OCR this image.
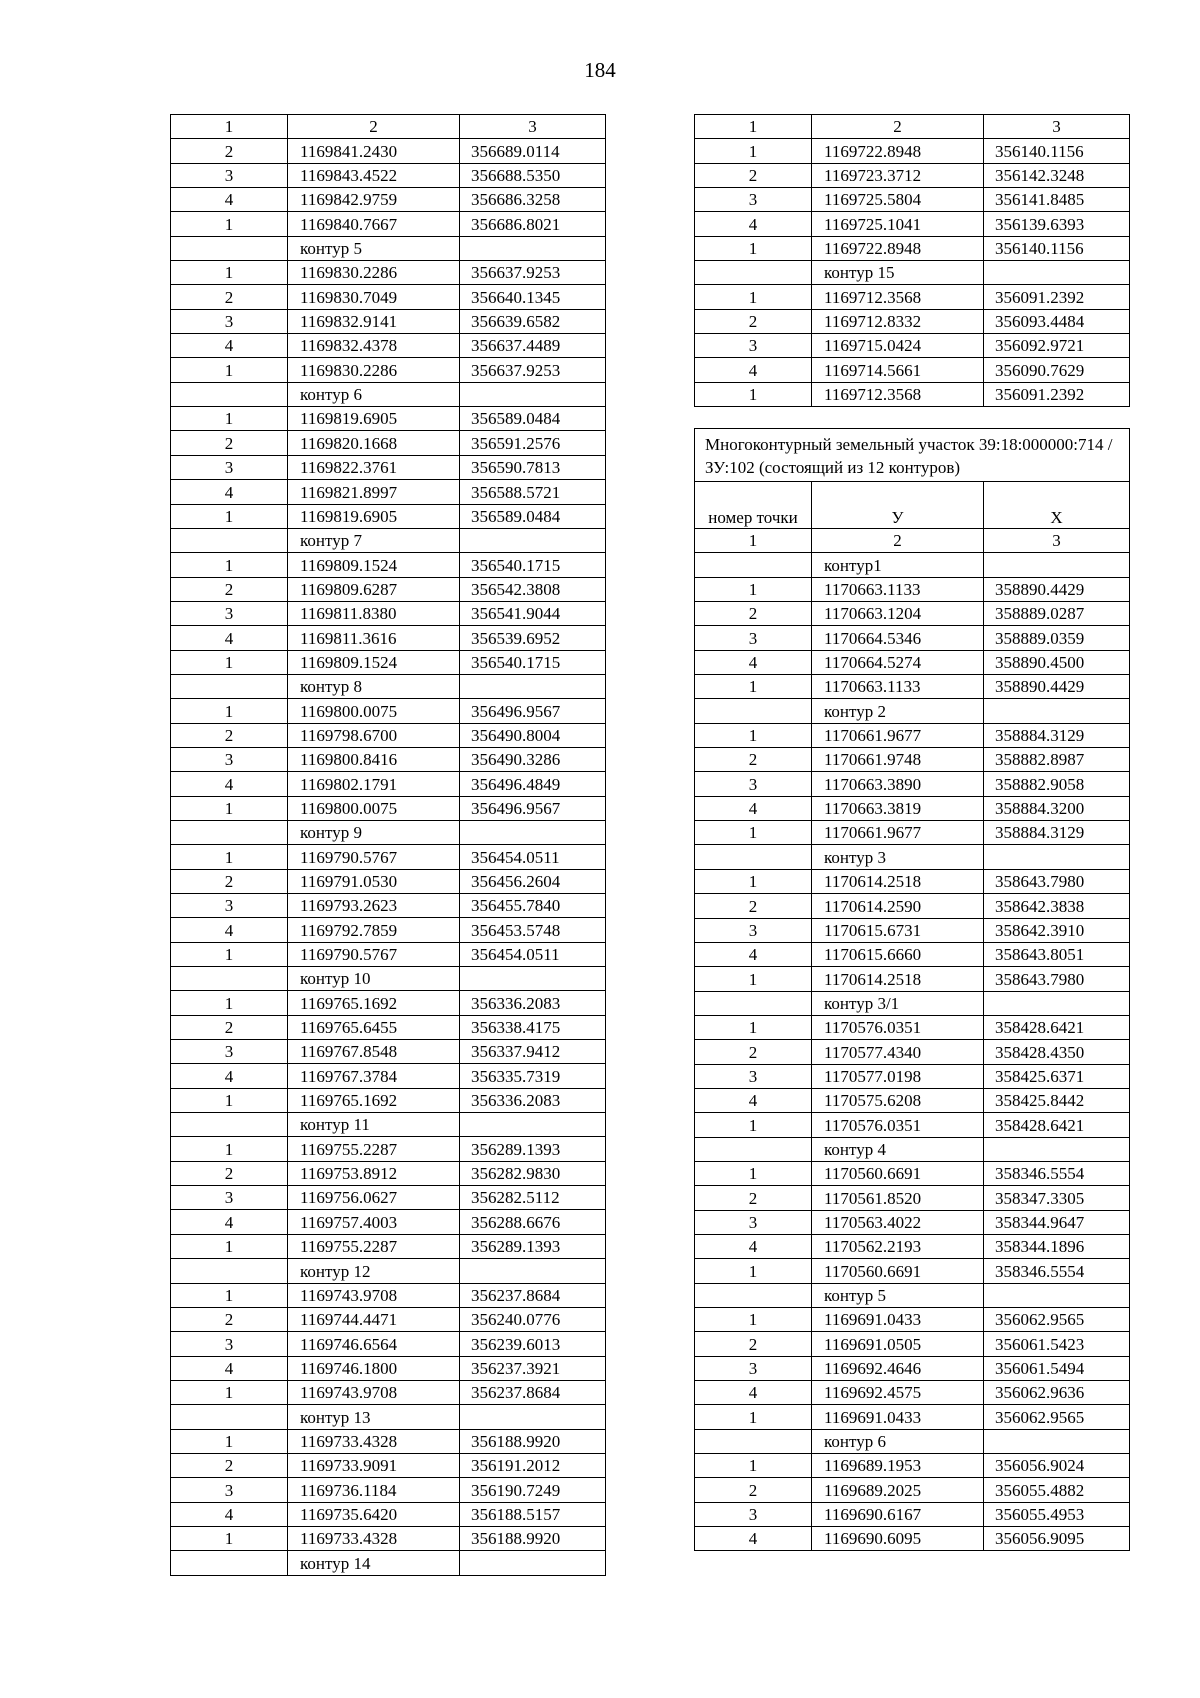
184
1	2	3
2	1169841.2430	356689.0114
3	1169843.4522	356688.5350
4	1169842.9759	356686.3258
1	1169840.7667	356686.8021
	контур 5	
1	1169830.2286	356637.9253
2	1169830.7049	356640.1345
3	1169832.9141	356639.6582
4	1169832.4378	356637.4489
1	1169830.2286	356637.9253
	контур 6	
1	1169819.6905	356589.0484
2	1169820.1668	356591.2576
3	1169822.3761	356590.7813
4	1169821.8997	356588.5721
1	1169819.6905	356589.0484
	контур 7	
1	1169809.1524	356540.1715
2	1169809.6287	356542.3808
3	1169811.8380	356541.9044
4	1169811.3616	356539.6952
1	1169809.1524	356540.1715
	контур 8	
1	1169800.0075	356496.9567
2	1169798.6700	356490.8004
3	1169800.8416	356490.3286
4	1169802.1791	356496.4849
1	1169800.0075	356496.9567
	контур 9	
1	1169790.5767	356454.0511
2	1169791.0530	356456.2604
3	1169793.2623	356455.7840
4	1169792.7859	356453.5748
1	1169790.5767	356454.0511
	контур 10	
1	1169765.1692	356336.2083
2	1169765.6455	356338.4175
3	1169767.8548	356337.9412
4	1169767.3784	356335.7319
1	1169765.1692	356336.2083
	контур 11	
1	1169755.2287	356289.1393
2	1169753.8912	356282.9830
3	1169756.0627	356282.5112
4	1169757.4003	356288.6676
1	1169755.2287	356289.1393
	контур 12	
1	1169743.9708	356237.8684
2	1169744.4471	356240.0776
3	1169746.6564	356239.6013
4	1169746.1800	356237.3921
1	1169743.9708	356237.8684
	контур 13	
1	1169733.4328	356188.9920
2	1169733.9091	356191.2012
3	1169736.1184	356190.7249
4	1169735.6420	356188.5157
1	1169733.4328	356188.9920
	контур 14	
1	2	3
1	1169722.8948	356140.1156
2	1169723.3712	356142.3248
3	1169725.5804	356141.8485
4	1169725.1041	356139.6393
1	1169722.8948	356140.1156
	контур 15	
1	1169712.3568	356091.2392
2	1169712.8332	356093.4484
3	1169715.0424	356092.9721
4	1169714.5661	356090.7629
1	1169712.3568	356091.2392
Многоконтурный земельный участок 39:18:000000:714 /ЗУ:102 (состоящий из 12 контуров)		
номер точки	У	Х
1	2	3
	контур1	
1	1170663.1133	358890.4429
2	1170663.1204	358889.0287
3	1170664.5346	358889.0359
4	1170664.5274	358890.4500
1	1170663.1133	358890.4429
	контур 2	
1	1170661.9677	358884.3129
2	1170661.9748	358882.8987
3	1170663.3890	358882.9058
4	1170663.3819	358884.3200
1	1170661.9677	358884.3129
	контур 3	
1	1170614.2518	358643.7980
2	1170614.2590	358642.3838
3	1170615.6731	358642.3910
4	1170615.6660	358643.8051
1	1170614.2518	358643.7980
	контур 3/1	
1	1170576.0351	358428.6421
2	1170577.4340	358428.4350
3	1170577.0198	358425.6371
4	1170575.6208	358425.8442
1	1170576.0351	358428.6421
	контур 4	
1	1170560.6691	358346.5554
2	1170561.8520	358347.3305
3	1170563.4022	358344.9647
4	1170562.2193	358344.1896
1	1170560.6691	358346.5554
	контур 5	
1	1169691.0433	356062.9565
2	1169691.0505	356061.5423
3	1169692.4646	356061.5494
4	1169692.4575	356062.9636
1	1169691.0433	356062.9565
	контур 6	
1	1169689.1953	356056.9024
2	1169689.2025	356055.4882
3	1169690.6167	356055.4953
4	1169690.6095	356056.9095
